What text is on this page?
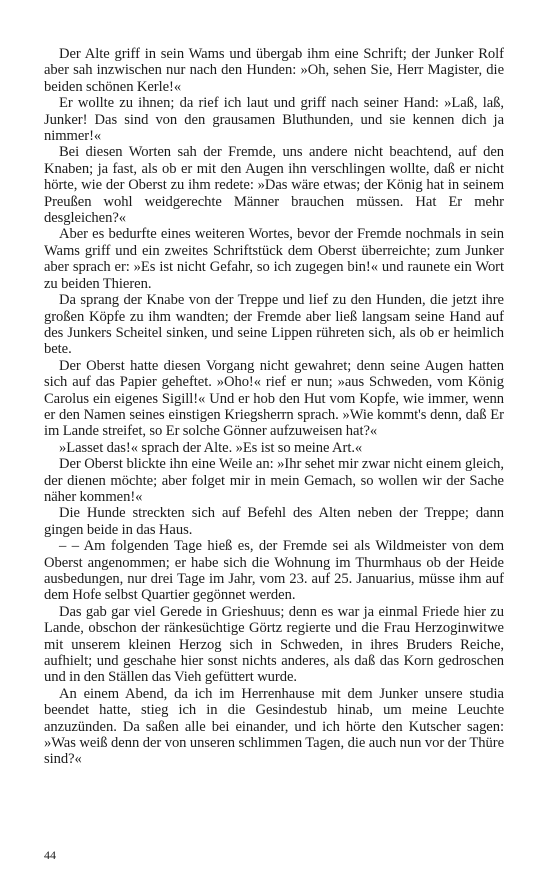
Der Alte griff in sein Wams und übergab ihm eine Schrift; der Junker Rolf aber sah inzwischen nur nach den Hunden: »Oh, sehen Sie, Herr Magister, die beiden schönen Kerle!«

Er wollte zu ihnen; da rief ich laut und griff nach seiner Hand: »Laß, laß, Junker! Das sind von den grausamen Bluthunden, und sie kennen dich ja nimmer!«

Bei diesen Worten sah der Fremde, uns andere nicht beachtend, auf den Knaben; ja fast, als ob er mit den Augen ihn verschlingen wollte, daß er nicht hörte, wie der Oberst zu ihm redete: »Das wäre etwas; der König hat in seinem Preußen wohl weidgerechte Männer brauchen müssen. Hat Er mehr desgleichen?«

Aber es bedurfte eines weiteren Wortes, bevor der Fremde nochmals in sein Wams griff und ein zweites Schriftstück dem Oberst überreichte; zum Junker aber sprach er: »Es ist nicht Gefahr, so ich zugegen bin!« und raunete ein Wort zu beiden Thieren.

Da sprang der Knabe von der Treppe und lief zu den Hunden, die jetzt ihre großen Köpfe zu ihm wandten; der Fremde aber ließ langsam seine Hand auf des Junkers Scheitel sinken, und seine Lippen rühreten sich, als ob er heimlich bete.

Der Oberst hatte diesen Vorgang nicht gewahret; denn seine Augen hatten sich auf das Papier geheftet. »Oho!« rief er nun; »aus Schweden, vom König Carolus ein eigenes Sigill!« Und er hob den Hut vom Kopfe, wie immer, wenn er den Namen seines einstigen Kriegsherrn sprach. »Wie kommt's denn, daß Er im Lande streifet, so Er solche Gönner aufzuweisen hat?«

»Lasset das!« sprach der Alte. »Es ist so meine Art.«

Der Oberst blickte ihn eine Weile an: »Ihr sehet mir zwar nicht einem gleich, der dienen möchte; aber folget mir in mein Gemach, so wollen wir der Sache näher kommen!«

Die Hunde streckten sich auf Befehl des Alten neben der Treppe; dann gingen beide in das Haus.

– – Am folgenden Tage hieß es, der Fremde sei als Wildmeister von dem Oberst angenommen; er habe sich die Wohnung im Thurmhaus ob der Heide ausbedungen, nur drei Tage im Jahr, vom 23. auf 25. Januarius, müsse ihm auf dem Hofe selbst Quartier gegönnet werden.

Das gab gar viel Gerede in Grieshuus; denn es war ja einmal Friede hier zu Lande, obschon der ränkesüchtige Görtz regierte und die Frau Herzoginwitwe mit unserem kleinen Herzog sich in Schweden, in ihres Bruders Reiche, aufhielt; und geschahe hier sonst nichts anderes, als daß das Korn gedroschen und in den Ställen das Vieh gefüttert wurde.

An einem Abend, da ich im Herrenhause mit dem Junker unsere studia beendet hatte, stieg ich in die Gesindestub hinab, um meine Leuchte anzuzünden. Da saßen alle bei einander, und ich hörte den Kutscher sagen: »Was weiß denn der von unseren schlimmen Tagen, die auch nun vor der Thüre sind?«

44
